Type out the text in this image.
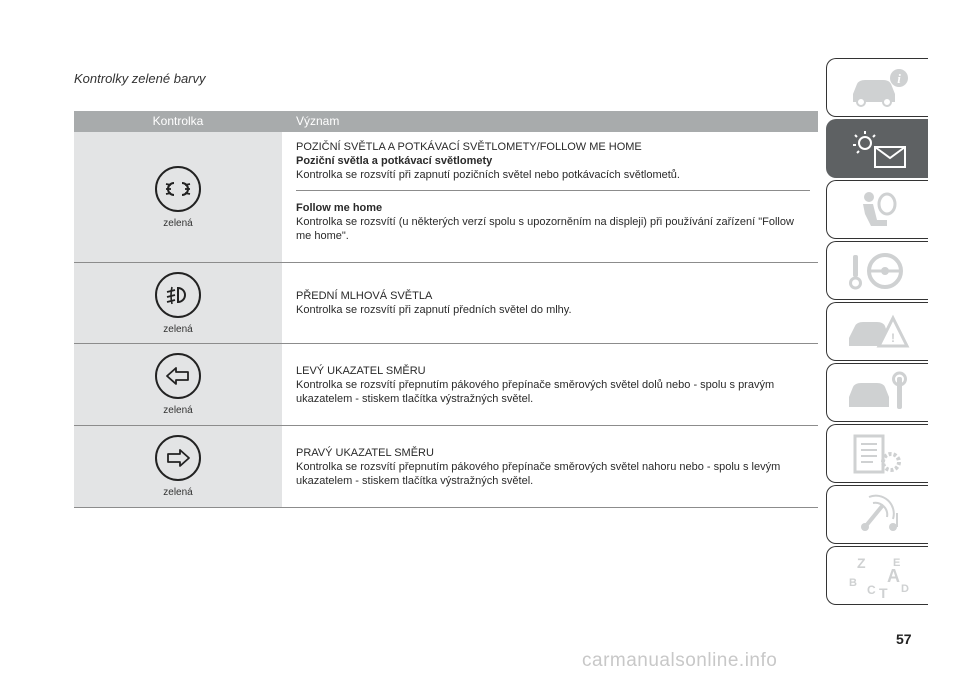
Kontrolky zelené barvy
Kontrolka	Význam
zelená
POZIČNÍ SVĚTLA A POTKÁVACÍ SVĚTLOMETY/FOLLOW ME HOME
Poziční světla a potkávací světlomety
Kontrolka se rozsvítí při zapnutí pozičních světel nebo potkávacích světlometů.
Follow me home
Kontrolka se rozsvítí (u některých verzí spolu s upozorněním na displeji) při používání zařízení "Follow me home".
zelená
PŘEDNÍ MLHOVÁ SVĚTLA
Kontrolka se rozsvítí při zapnutí předních světel do mlhy.
zelená
LEVÝ UKAZATEL SMĚRU
Kontrolka se rozsvítí přepnutím pákového přepínače směrových světel dolů nebo - spolu s pravým ukazatelem - stiskem tlačítka výstražných světel.
zelená
PRAVÝ UKAZATEL SMĚRU
Kontrolka se rozsvítí přepnutím pákového přepínače směrových světel nahoru nebo - spolu s levým ukazatelem - stiskem tlačítka výstražných světel.
i
!
Z E
A
B C D
T
57
carmanualsonline.info
